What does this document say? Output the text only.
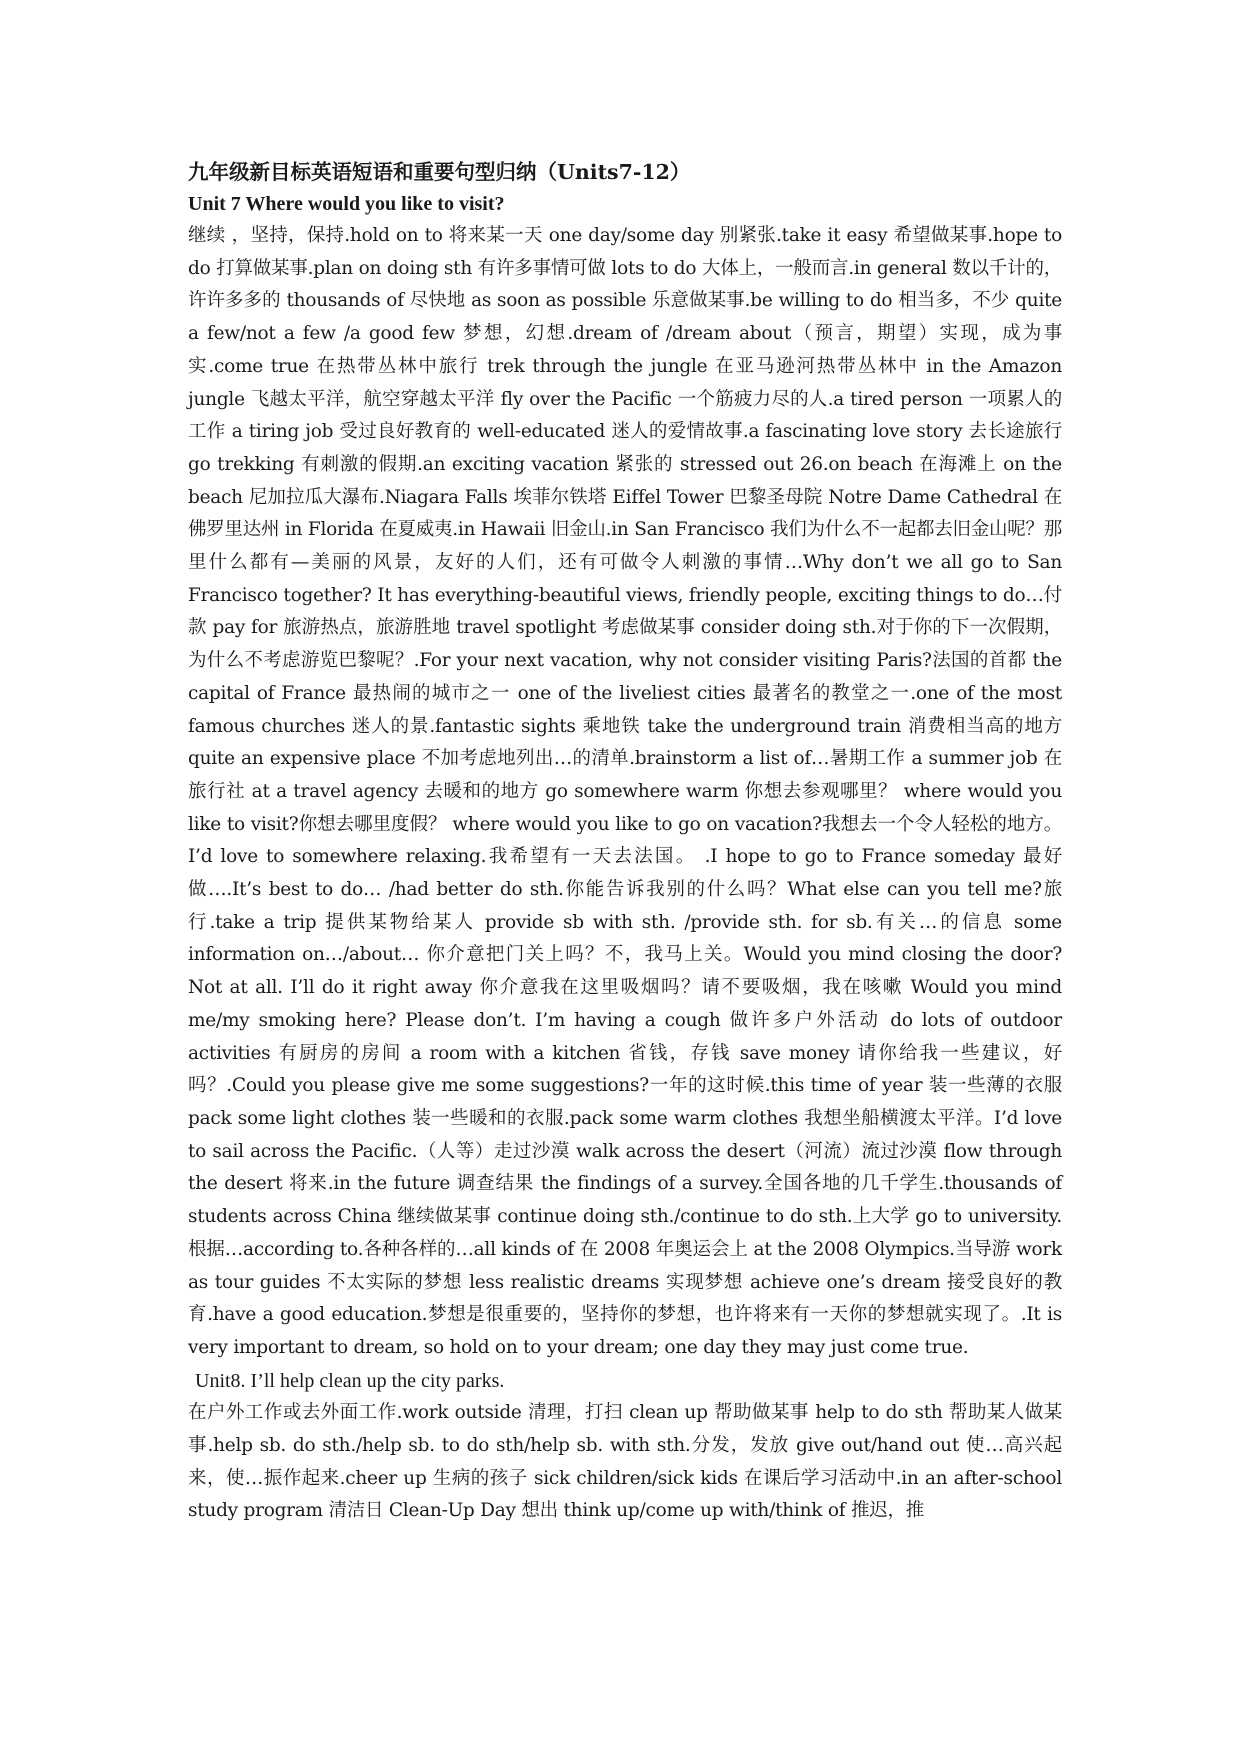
九年级新目标英语短语和重要句型归纳（Units7-12）
Unit 7 Where would you like to visit?

继续 ，坚持，保持.hold on to 将来某一天 one day/some day 别紧张.take it easy 希望做某事.hope to do 打算做某事.plan on doing sth 有许多事情可做 lots to do 大体上，一般而言.in general 数以千计的，许许多多的 thousands of 尽快地 as soon as possible 乐意做某事.be willing to do 相当多，不少 quite a few/not a few /a good few 梦想，幻想.dream of /dream about（预言，期望）实现，成为事实.come true 在热带丛林中旅行 trek through the jungle 在亚马逊河热带丛林中 in the Amazon jungle 飞越太平洋，航空穿越太平洋 fly over the Pacific 一个筋疲力尽的人.a tired person 一项累人的工作 a tiring job 受过良好教育的 well-educated 迷人的爱情故事.a fascinating love story 去长途旅行 go trekking 有刺激的假期.an exciting vacation 紧张的 stressed out 26.on beach 在海滩上 on the beach 尼加拉瓜大瀑布.Niagara Falls 埃菲尔铁塔 Eiffel Tower 巴黎圣母院 Notre Dame Cathedral 在佛罗里达州 in Florida 在夏威夷.in Hawaii 旧金山.in San Francisco 我们为什么不一起都去旧金山呢？那里什么都有—美丽的风景，友好的人们，还有可做令人刺激的事情…Why don’t we all go to San Francisco together? It has everything-beautiful views, friendly people, exciting things to do…付款 pay for 旅游热点，旅游胜地 travel spotlight 考虑做某事 consider doing sth.对于你的下一次假期，为什么不考虑游览巴黎呢？.For your next vacation, why not consider visiting Paris?法国的首都 the capital of France 最热闹的城市之一 one of the liveliest cities 最著名的教堂之一.one of the most famous churches 迷人的景.fantastic sights 乘地铁 take the underground train 消费相当高的地方 quite an expensive place 不加考虑地列出…的清单.brainstorm a list of…暑期工作 a summer job 在旅行社 at a travel agency 去暖和的地方 go somewhere warm 你想去参观哪里？ where would you like to visit?你想去哪里度假？ where would you like to go on vacation?我想去一个令人轻松的地方。I’d love to somewhere relaxing.我希望有一天去法国。 .I hope to go to France someday 最好做….It’s best to do… /had better do sth.你能告诉我别的什么吗？What else can you tell me?旅行.take a trip 提供某物给某人 provide sb with sth. /provide sth. for sb.有关…的信息 some information on…/about… 你介意把门关上吗？不，我马上关。Would you mind closing the door? Not at all. I’ll do it right away 你介意我在这里吸烟吗？请不要吸烟，我在咳嗽 Would you mind me/my smoking here? Please don’t. I’m having a cough 做许多户外活动 do lots of outdoor activities 有厨房的房间 a room with a kitchen 省钱，存钱 save money 请你给我一些建议，好吗？.Could you please give me some suggestions?一年的这时候.this time of year 装一些薄的衣服 pack some light clothes 装一些暖和的衣服.pack some warm clothes 我想坐船横渡太平洋。I’d love to sail across the Pacific.（人等）走过沙漠 walk across the desert（河流）流过沙漠 flow through the desert 将来.in the future 调查结果 the findings of a survey.全国各地的几千学生.thousands of students across China 继续做某事 continue doing sth./continue to do sth.上大学 go to university.根据…according to.各种各样的…all kinds of 在 2008 年奥运会上 at the 2008 Olympics.当导游 work as tour guides 不太实际的梦想 less realistic dreams 实现梦想 achieve one’s dream 接受良好的教育.have a good education.梦想是很重要的，坚持你的梦想，也许将来有一天你的梦想就实现了。.It is very important to dream, so hold on to your dream; one day they may just come true.

Unit8. I’ll help clean up the city parks.

在户外工作或去外面工作.work outside 清理，打扫 clean up 帮助做某事 help to do sth 帮助某人做某事.help sb. do sth./help sb. to do sth/help sb. with sth.分发，发放 give out/hand out 使…高兴起来，使…振作起来.cheer up 生病的孩子 sick children/sick kids 在课后学习活动中.in an after-school study program 清洁日 Clean-Up Day 想出 think up/come up with/think of 推迟，推
